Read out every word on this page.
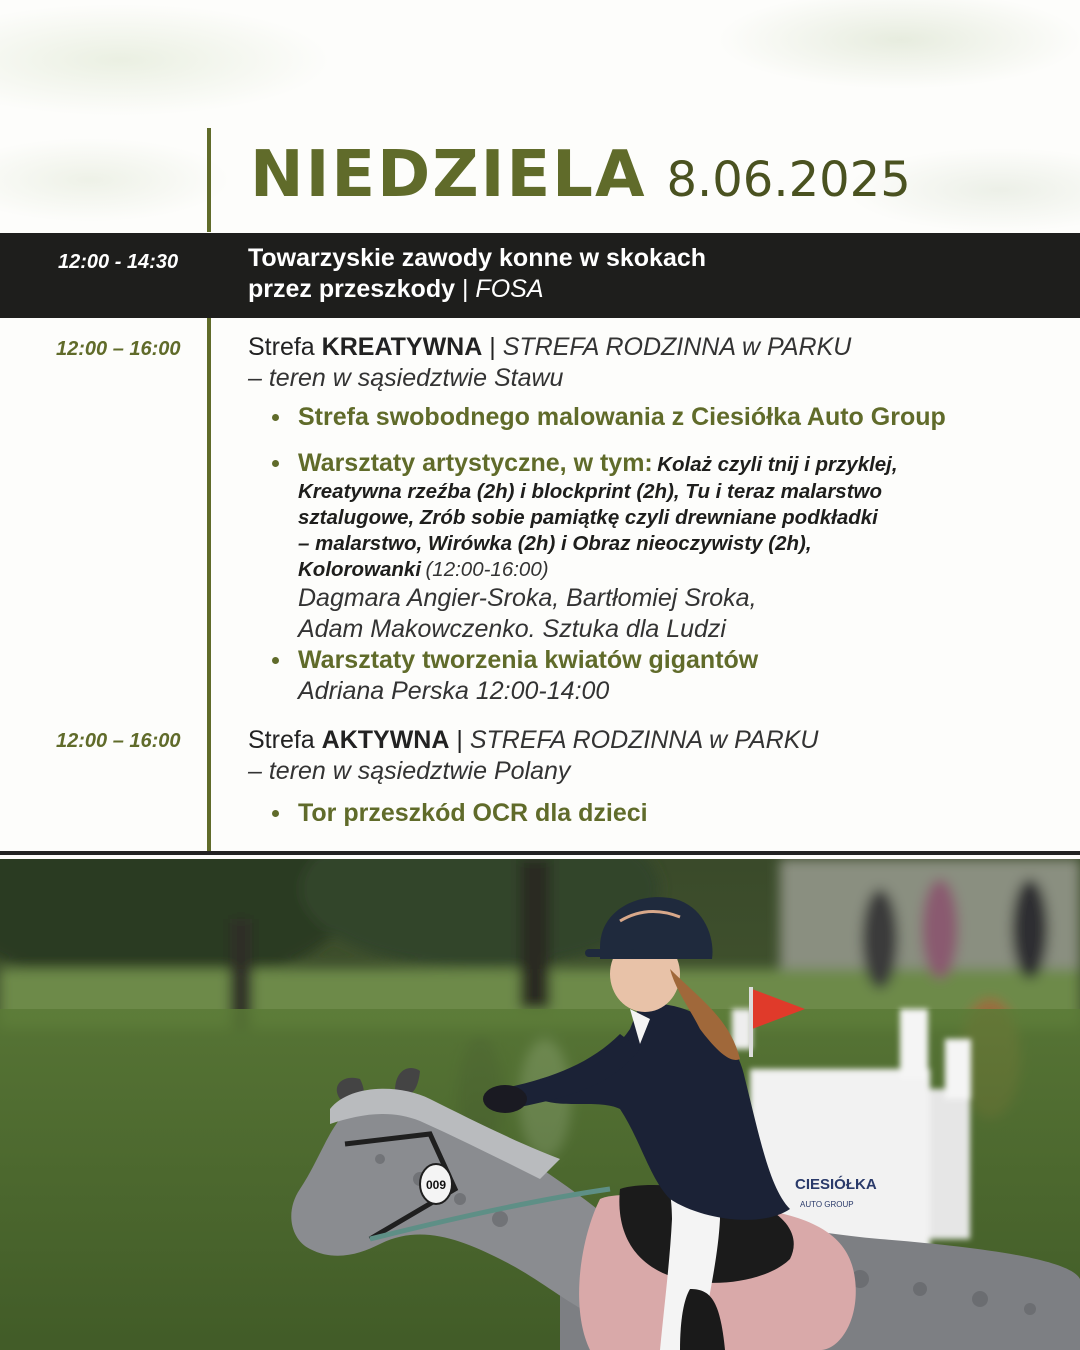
NIEDZIELA 8.06.2025
12:00 - 14:30	Towarzyskie zawody konne w skokach
przez przeszkody | FOSA
12:00 – 16:00	Strefa KREATYWNA | STREFA RODZINNA w PARKU
– teren w sąsiedztwie Stawu
Strefa swobodnego malowania z Ciesiółka Auto Group
Warsztaty artystyczne, w tym: Kolaż czyli tnij i przyklej,
Kreatywna rzeźba (2h) i blockprint (2h), Tu i teraz malarstwo
sztalugowe, Zrób sobie pamiątkę czyli drewniane podkładki
– malarstwo, Wirówka (2h) i Obraz nieoczywisty (2h),
Kolorowanki (12:00-16:00)
Dagmara Angier-Sroka, Bartłomiej Sroka,
Adam Makowczenko. Sztuka dla Ludzi
Warsztaty tworzenia kwiatów gigantów
Adriana Perska 12:00-14:00
12:00 – 16:00	Strefa AKTYWNA | STREFA RODZINNA w PARKU
– teren w sąsiedztwie Polany
Tor przeszkód OCR dla dzieci
CIESIÓŁKA
AUTO GROUP
009
